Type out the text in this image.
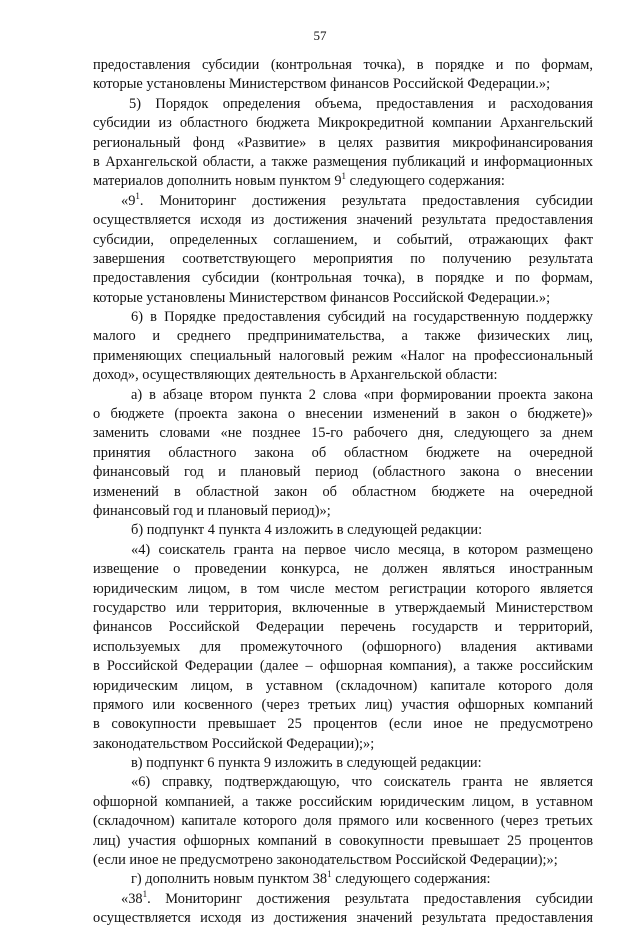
57
предоставления субсидии (контрольная точка), в порядке и по формам,
которые установлены Министерством финансов Российской Федерации.»;
5) Порядок определения объема, предоставления и расходования
субсидии из областного бюджета Микрокредитной компании Архангельский
региональный фонд «Развитие» в целях развития микрофинансирования
в Архангельской области, а также размещения публикаций и информационных
материалов дополнить новым пунктом $9^1$ следующего содержания:
«$9^1$. Мониторинг достижения результата предоставления субсидии
осуществляется исходя из достижения значений результата предоставления
субсидии, определенных соглашением, и событий, отражающих факт
завершения соответствующего мероприятия по получению результата
предоставления субсидии (контрольная точка), в порядке и по формам,
которые установлены Министерством финансов Российской Федерации.»;
6) в Порядке предоставления субсидий на государственную поддержку
малого и среднего предпринимательства, а также физических лиц,
применяющих специальный налоговый режим «Налог на профессиональный
доход», осуществляющих деятельность в Архангельской области:
а) в абзаце втором пункта 2 слова «при формировании проекта закона
о бюджете (проекта закона о внесении изменений в закон о бюджете)»
заменить словами «не позднее 15-го рабочего дня, следующего за днем
принятия областного закона об областном бюджете на очередной
финансовый год и плановый период (областного закона о внесении
изменений в областной закон об областном бюджете на очередной
финансовый год и плановый период)»;
б) подпункт 4 пункта 4 изложить в следующей редакции:
«4) соискатель гранта на первое число месяца, в котором размещено
извещение о проведении конкурса, не должен являться иностранным
юридическим лицом, в том числе местом регистрации которого является
государство или территория, включенные в утверждаемый Министерством
финансов Российской Федерации перечень государств и территорий,
используемых для промежуточного (офшорного) владения активами
в Российской Федерации (далее – офшорная компания), а также российским
юридическим лицом, в уставном (складочном) капитале которого доля
прямого или косвенного (через третьих лиц) участия офшорных компаний
в совокупности превышает 25 процентов (если иное не предусмотрено
законодательством Российской Федерации);»;
в) подпункт 6 пункта 9 изложить в следующей редакции:
«6) справку, подтверждающую, что соискатель гранта не является
офшорной компанией, а также российским юридическим лицом, в уставном
(складочном) капитале которого доля прямого или косвенного (через третьих
лиц) участия офшорных компаний в совокупности превышает 25 процентов
(если иное не предусмотрено законодательством Российской Федерации);»;
г) дополнить новым пунктом $38^1$ следующего содержания:
«$38^1$. Мониторинг достижения результата предоставления субсидии
осуществляется исходя из достижения значений результата предоставления
